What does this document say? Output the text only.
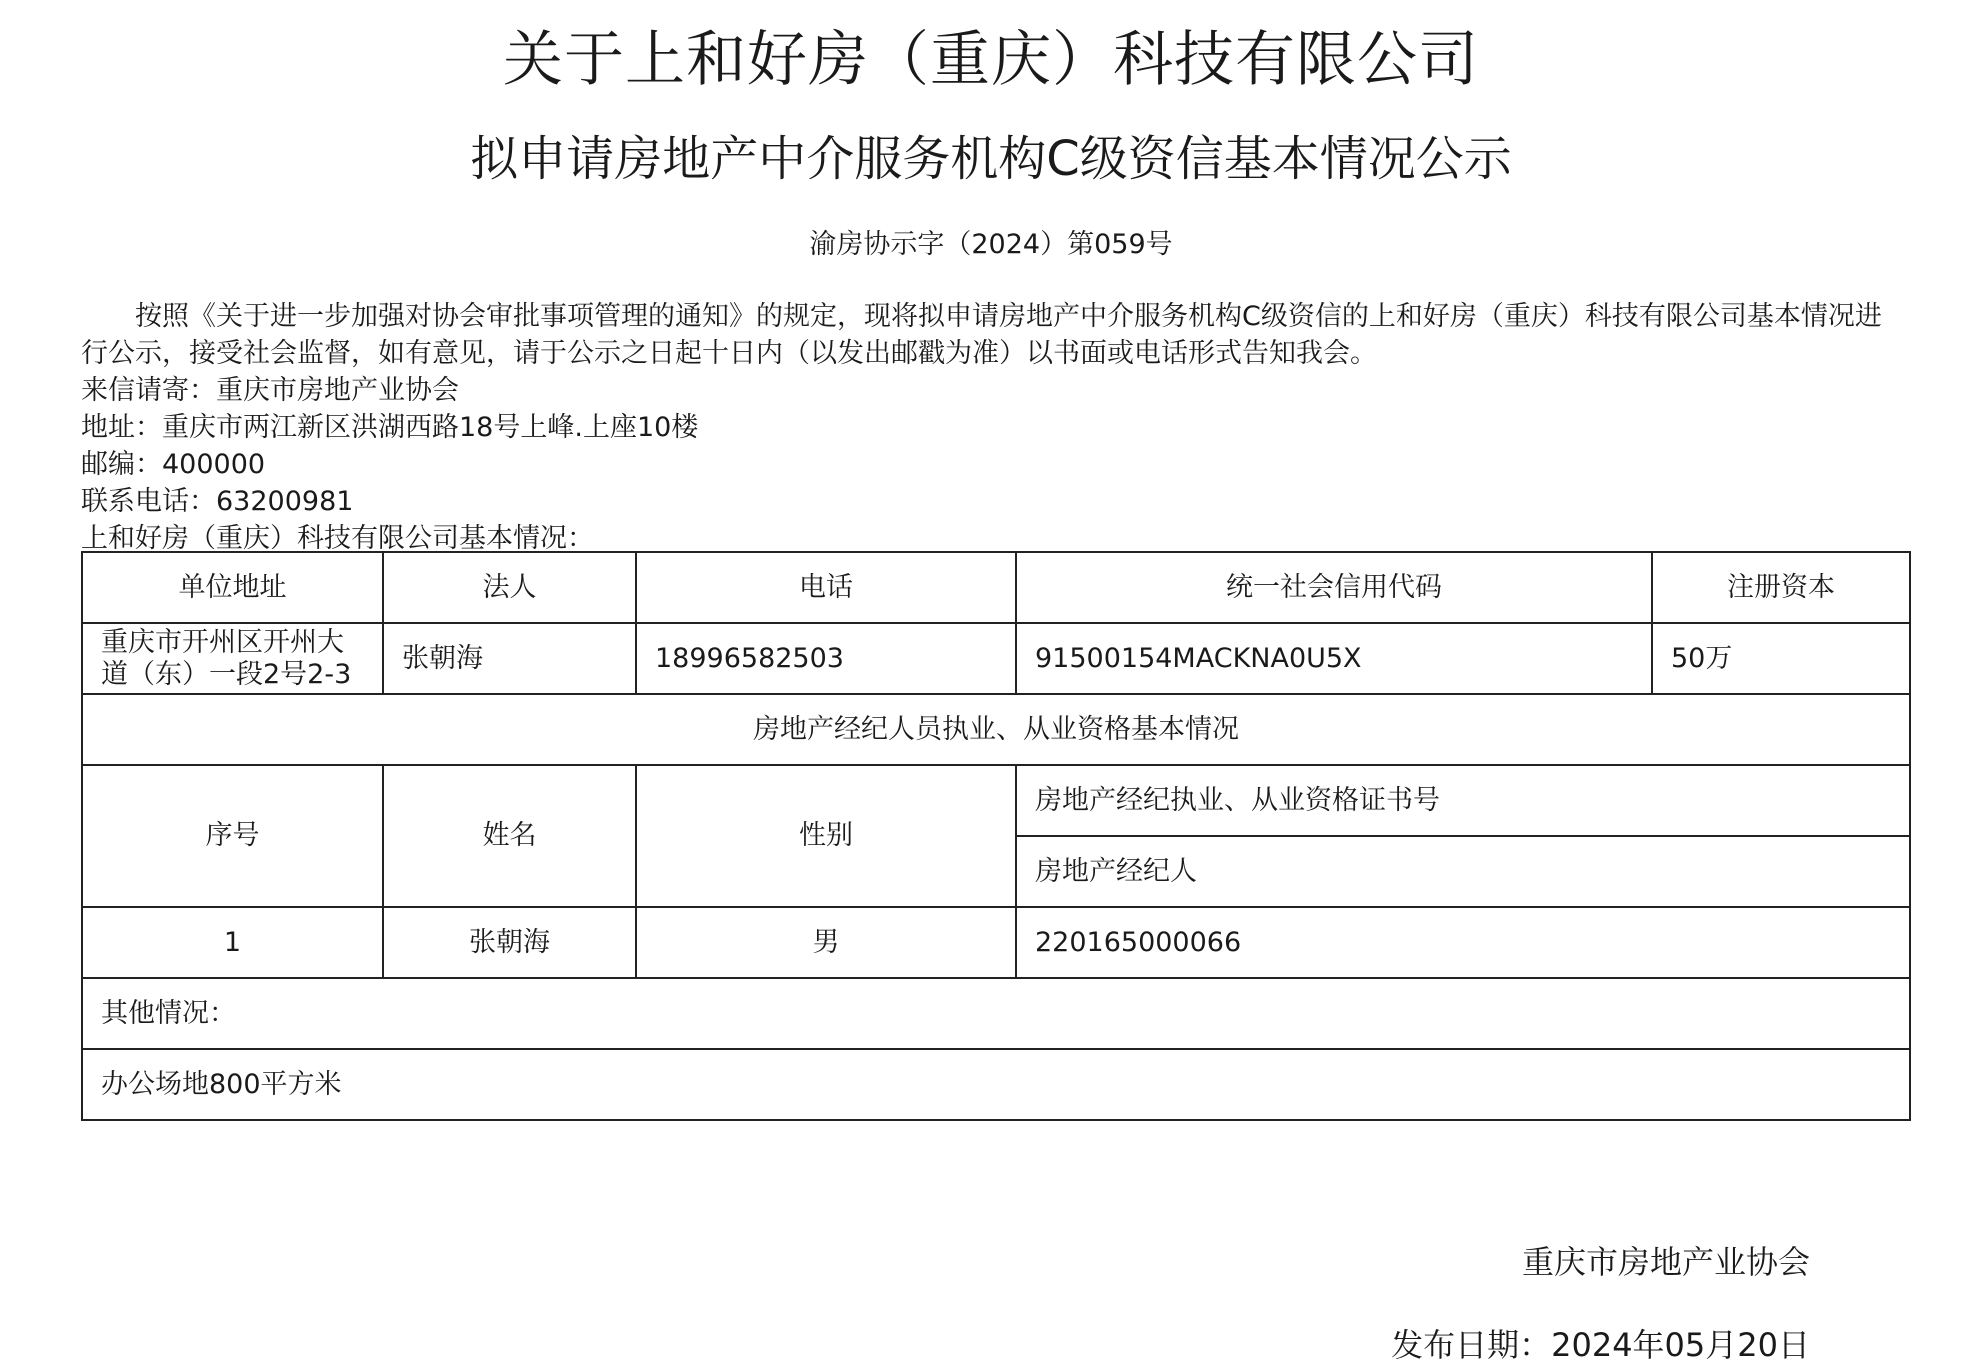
关于上和好房（重庆）科技有限公司
拟申请房地产中介服务机构C级资信基本情况公示
渝房协示字（2024）第059号

按照《关于进一步加强对协会审批事项管理的通知》的规定，现将拟申请房地产中介服务机构C级资信的上和好房（重庆）科技有限公司基本情况进行公示，接受社会监督，如有意见，请于公示之日起十日内（以发出邮戳为准）以书面或电话形式告知我会。

来信请寄：重庆市房地产业协会

地址：重庆市两江新区洪湖西路18号上峰.上座10楼

邮编：400000

联系电话：63200981

上和好房（重庆）科技有限公司基本情况：

单位地址	法人	电话	统一社会信用代码	注册资本
重庆市开州区开州大道（东）一段2号2-3	张朝海	18996582503	91500154MACKNA0U5X	50万
房地产经纪人员执业、从业资格基本情况				
序号	姓名	性别	房地产经纪执业、从业资格证书号	
			房地产经纪人	
1	张朝海	男	220165000066	
其他情况：				
办公场地800平方米				
重庆市房地产业协会
发布日期：2024年05月20日
